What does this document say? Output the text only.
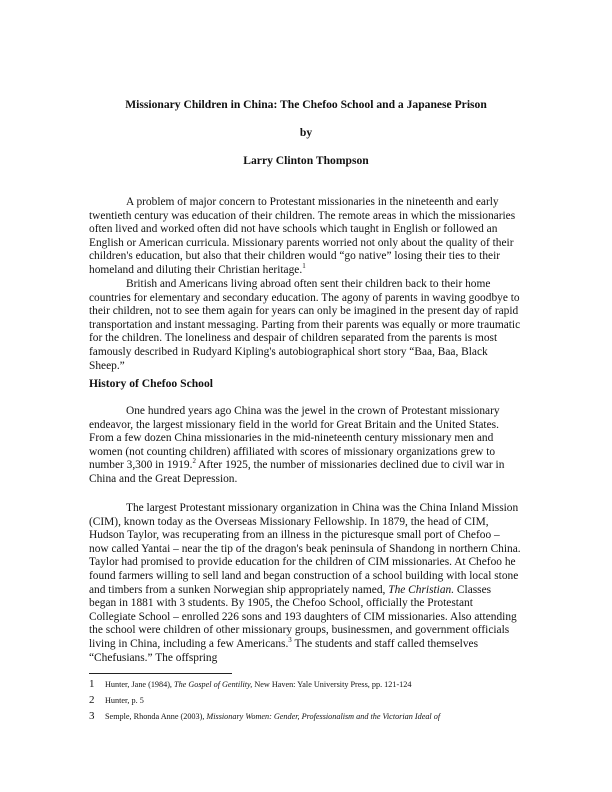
Missionary Children in China: The Chefoo School and a Japanese Prison
by
Larry Clinton Thompson
A problem of major concern to Protestant missionaries in the nineteenth and early twentieth century was education of their children. The remote areas in which the missionaries often lived and worked often did not have schools which taught in English or followed an English or American curricula. Missionary parents worried not only about the quality of their children's education, but also that their children would “go native” losing their ties to their homeland and diluting their Christian heritage.$^1$
British and Americans living abroad often sent their children back to their home countries for elementary and secondary education. The agony of parents in waving goodbye to their children, not to see them again for years can only be imagined in the present day of rapid transportation and instant messaging. Parting from their parents was equally or more traumatic for the children. The loneliness and despair of children separated from the parents is most famously described in Rudyard Kipling's autobiographical short story “Baa, Baa, Black Sheep.”
History of Chefoo School
One hundred years ago China was the jewel in the crown of Protestant missionary endeavor, the largest missionary field in the world for Great Britain and the United States. From a few dozen China missionaries in the mid-nineteenth century missionary men and women (not counting children) affiliated with scores of missionary organizations grew to number 3,300 in 1919.$^2$ After 1925, the number of missionaries declined due to civil war in China and the Great Depression.
The largest Protestant missionary organization in China was the China Inland Mission (CIM), known today as the Overseas Missionary Fellowship. In 1879, the head of CIM, Hudson Taylor, was recuperating from an illness in the picturesque small port of Chefoo – now called Yantai – near the tip of the dragon's beak peninsula of Shandong in northern China. Taylor had promised to provide education for the children of CIM missionaries. At Chefoo he found farmers willing to sell land and began construction of a school building with local stone and timbers from a sunken Norwegian ship appropriately named, The Christian. Classes began in 1881 with 3 students. By 1905, the Chefoo School, officially the Protestant Collegiate School – enrolled 226 sons and 193 daughters of CIM missionaries. Also attending the school were children of other missionary groups, businessmen, and government officials living in China, including a few Americans.$^3$ The students and staff called themselves “Chefusians.” The offspring
1 Hunter, Jane (1984), The Gospel of Gentility, New Haven: Yale University Press, pp. 121-124
2 Hunter, p. 5
3 Semple, Rhonda Anne (2003), Missionary Women: Gender, Professionalism and the Victorian Ideal of
